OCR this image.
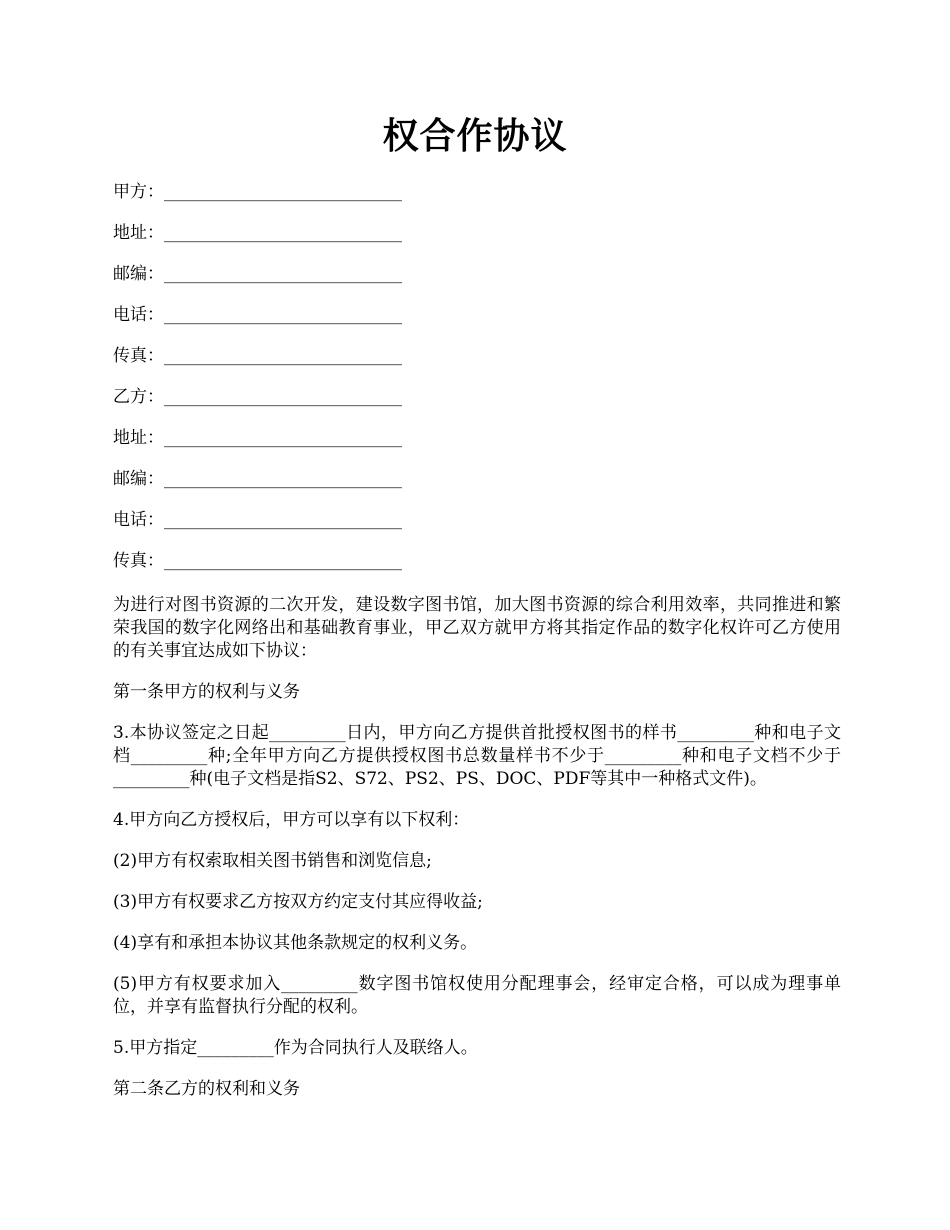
权合作协议
甲方：____________________________
地址：____________________________
邮编：____________________________
电话：____________________________
传真：____________________________
乙方：____________________________
地址：____________________________
邮编：____________________________
电话：____________________________
传真：____________________________

为进行对图书资源的二次开发，建设数字图书馆，加大图书资源的综合利用效率，共同推进和繁荣我国的数字化网络出和基础教育事业，甲乙双方就甲方将其指定作品的数字化权许可乙方使用的有关事宜达成如下协议：

第一条甲方的权利与义务

3.本协议签定之日起_________日内，甲方向乙方提供首批授权图书的样书_________种和电子文档_________种;全年甲方向乙方提供授权图书总数量样书不少于_________种和电子文档不少于_________种(电子文档是指S2、S72、PS2、PS、DOC、PDF等其中一种格式文件)。

4.甲方向乙方授权后，甲方可以享有以下权利：

(2)甲方有权索取相关图书销售和浏览信息;

(3)甲方有权要求乙方按双方约定支付其应得收益;

(4)享有和承担本协议其他条款规定的权利义务。

(5)甲方有权要求加入_________数字图书馆权使用分配理事会，经审定合格，可以成为理事单位，并享有监督执行分配的权利。

5.甲方指定_________作为合同执行人及联络人。

第二条乙方的权利和义务
